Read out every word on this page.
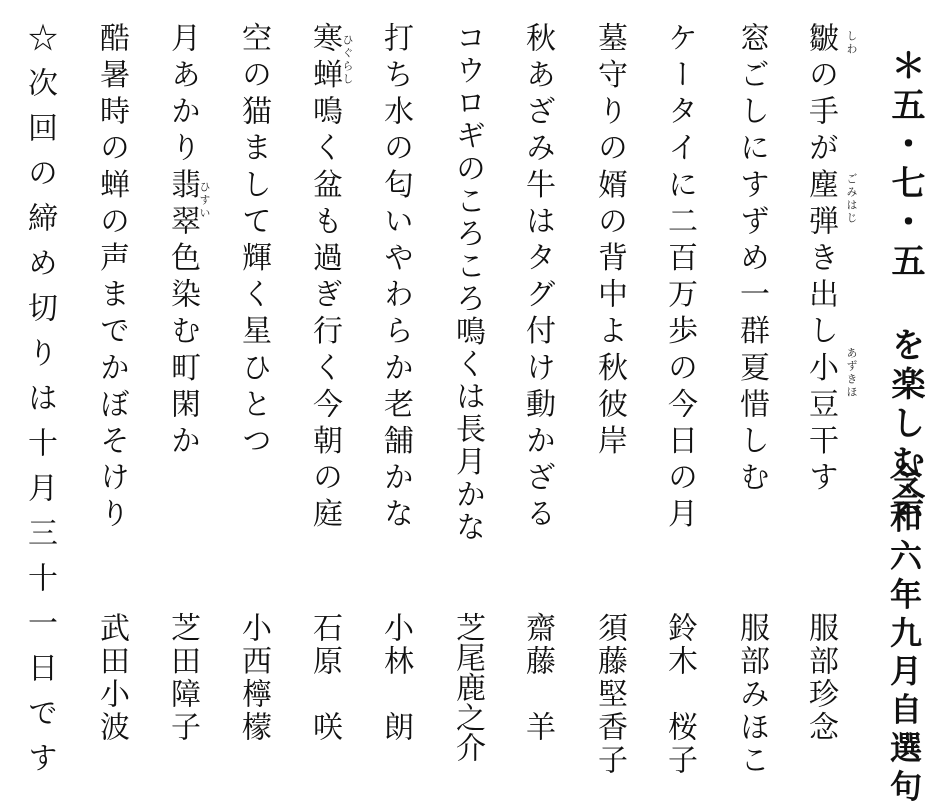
＊五・七・五 を楽しむ会
令和六年九月自選句
皺の手が塵弾き出し小豆干す
服部珍念
しわ
ごみはじ
あずきほ
窓ごしにすずめ一群夏惜しむ
服部みほこ
ケータイに二百万歩の今日の月
鈴木　桜子
墓守りの婿の背中よ秋彼岸
須藤堅香子
秋あざみ牛はタグ付け動かざる
齋藤　羊
コウロギのころころ鳴くは長月かな
芝尾鹿之介
打ち水の匂いやわらか老舗かな
小林　朗
寒蝉鳴く盆も過ぎ行く今朝の庭
石原　咲
ひぐらし
空の猫まして輝く星ひとつ
小西檸檬
月あかり翡翠色染む町閑か
芝田障子
ひすい
酷暑時の蝉の声までかぼそけり
武田小波
☆次回の締め切りは十月三十一日です
